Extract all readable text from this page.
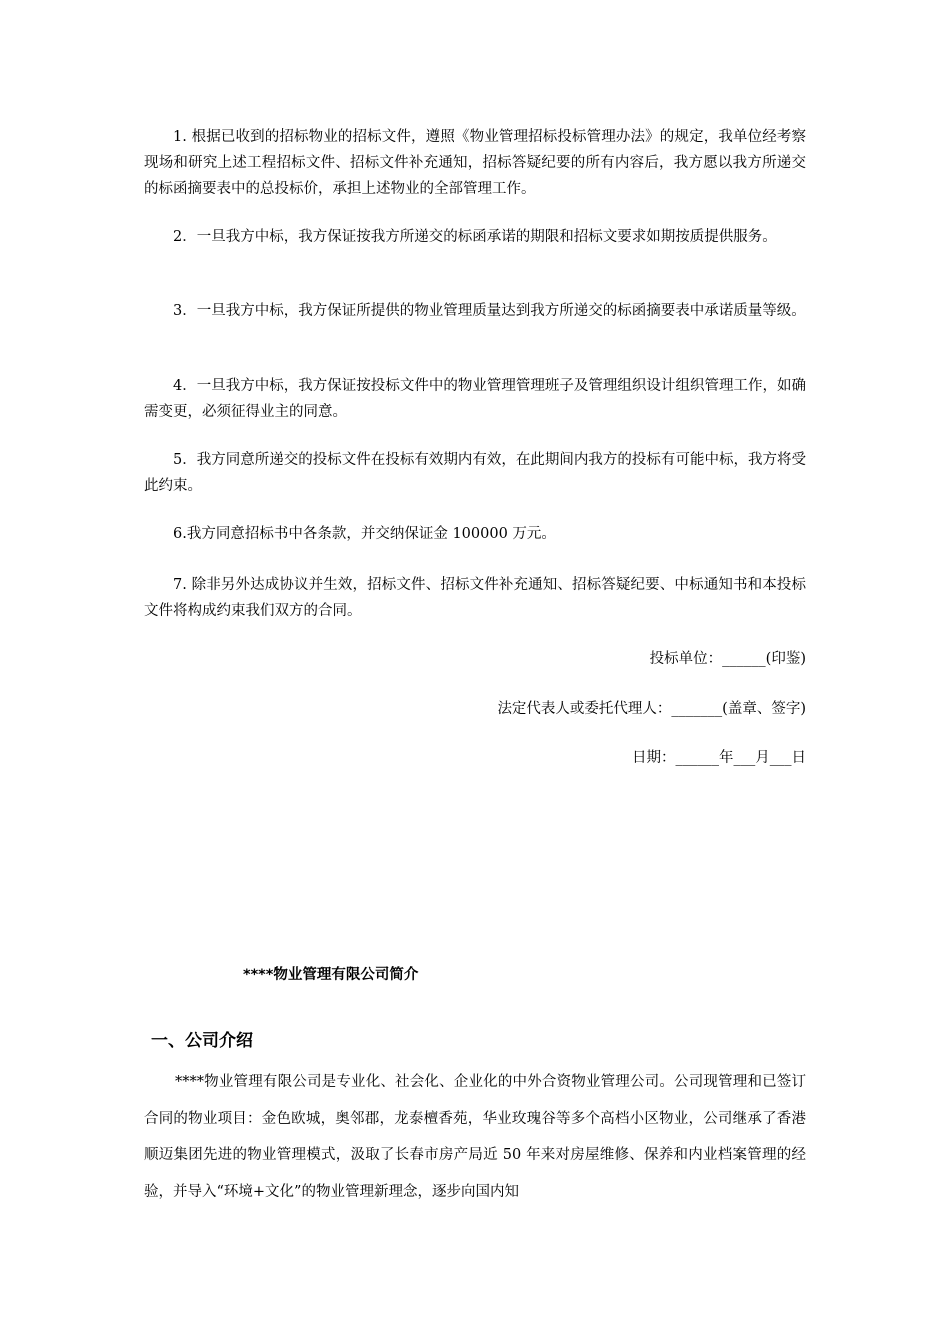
1. 根据已收到的招标物业的招标文件，遵照《物业管理招标投标管理办法》的规定，我单位经考察现场和研究上述工程招标文件、招标文件补充通知，招标答疑纪要的所有内容后，我方愿以我方所递交的标函摘要表中的总投标价，承担上述物业的全部管理工作。

2．一旦我方中标，我方保证按我方所递交的标函承诺的期限和招标文要求如期按质提供服务。

3．一旦我方中标，我方保证所提供的物业管理质量达到我方所递交的标函摘要表中承诺质量等级。

4．一旦我方中标，我方保证按投标文件中的物业管理管理班子及管理组织设计组织管理工作，如确需变更，必须征得业主的同意。

5．我方同意所递交的投标文件在投标有效期内有效，在此期间内我方的投标有可能中标，我方将受此约束。

6.我方同意招标书中各条款，并交纳保证金 100000 万元。

7. 除非另外达成协议并生效，招标文件、招标文件补充通知、招标答疑纪要、中标通知书和本投标文件将构成约束我们双方的合同。

投标单位：______(印鉴)
法定代表人或委托代理人：_______(盖章、签字)
日期：______年___月___日
****物业管理有限公司简介
一、公司介绍

****物业管理有限公司是专业化、社会化、企业化的中外合资物业管理公司。公司现管理和已签订合同的物业项目：金色欧城，奥邻郡，龙泰檀香苑，华业玫瑰谷等多个高档小区物业，公司继承了香港顺迈集团先进的物业管理模式，汲取了长春市房产局近 50 年来对房屋维修、保养和内业档案管理的经验，并导入“环境+文化”的物业管理新理念，逐步向国内知
